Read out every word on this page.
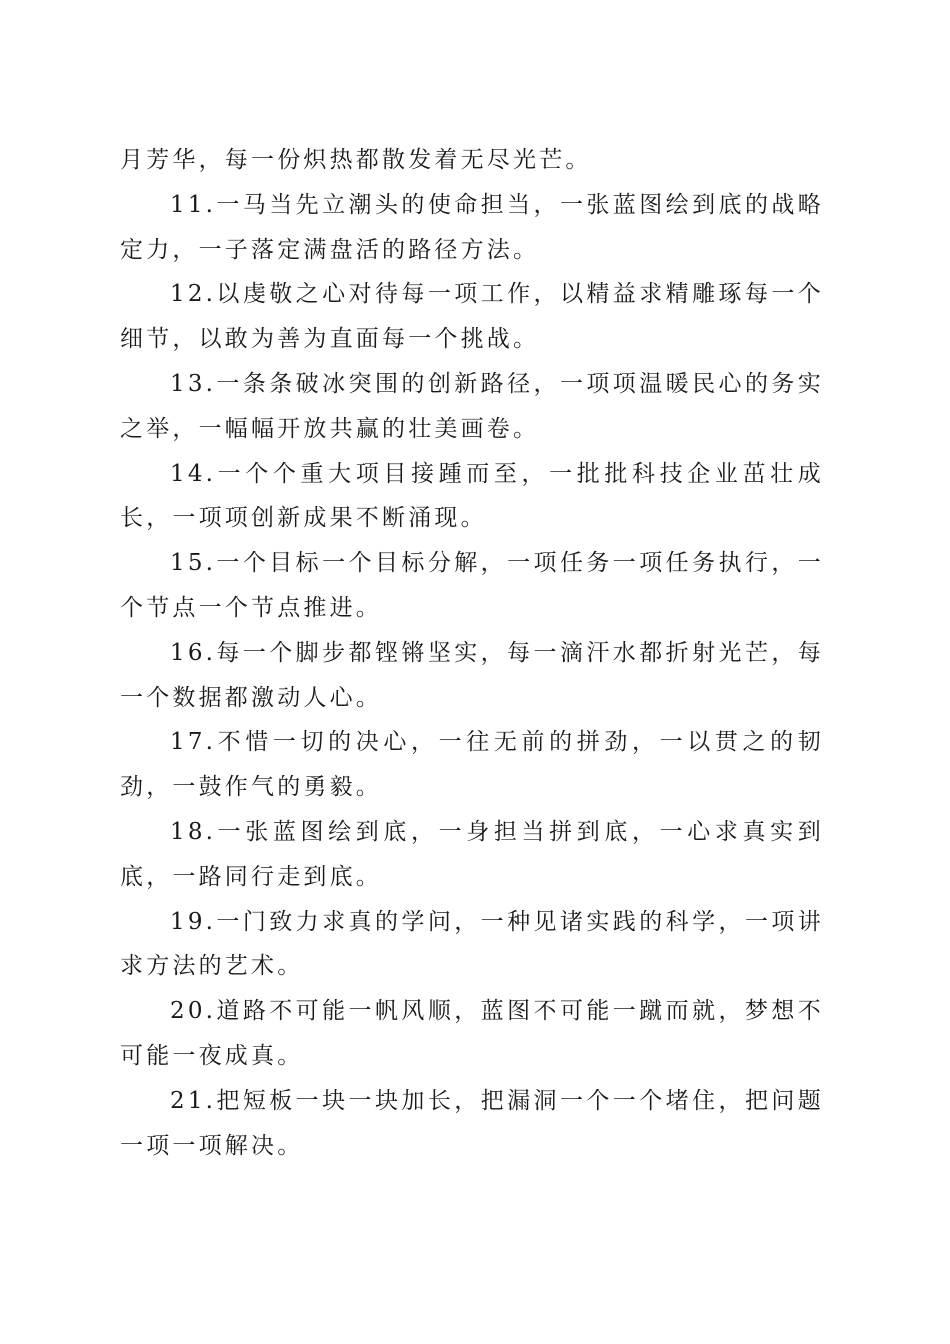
月芳华，每一份炽热都散发着无尽光芒。

11.一马当先立潮头的使命担当，一张蓝图绘到底的战略定力，一子落定满盘活的路径方法。

12.以虔敬之心对待每一项工作，以精益求精雕琢每一个细节，以敢为善为直面每一个挑战。

13.一条条破冰突围的创新路径，一项项温暖民心的务实之举，一幅幅开放共赢的壮美画卷。

14.一个个重大项目接踵而至，一批批科技企业茁壮成长，一项项创新成果不断涌现。

15.一个目标一个目标分解，一项任务一项任务执行，一个节点一个节点推进。

16.每一个脚步都铿锵坚实，每一滴汗水都折射光芒，每一个数据都激动人心。

17.不惜一切的决心，一往无前的拼劲，一以贯之的韧劲，一鼓作气的勇毅。

18.一张蓝图绘到底，一身担当拼到底，一心求真实到底，一路同行走到底。

19.一门致力求真的学问，一种见诸实践的科学，一项讲求方法的艺术。

20.道路不可能一帆风顺，蓝图不可能一蹴而就，梦想不可能一夜成真。

21.把短板一块一块加长，把漏洞一个一个堵住，把问题一项一项解决。
